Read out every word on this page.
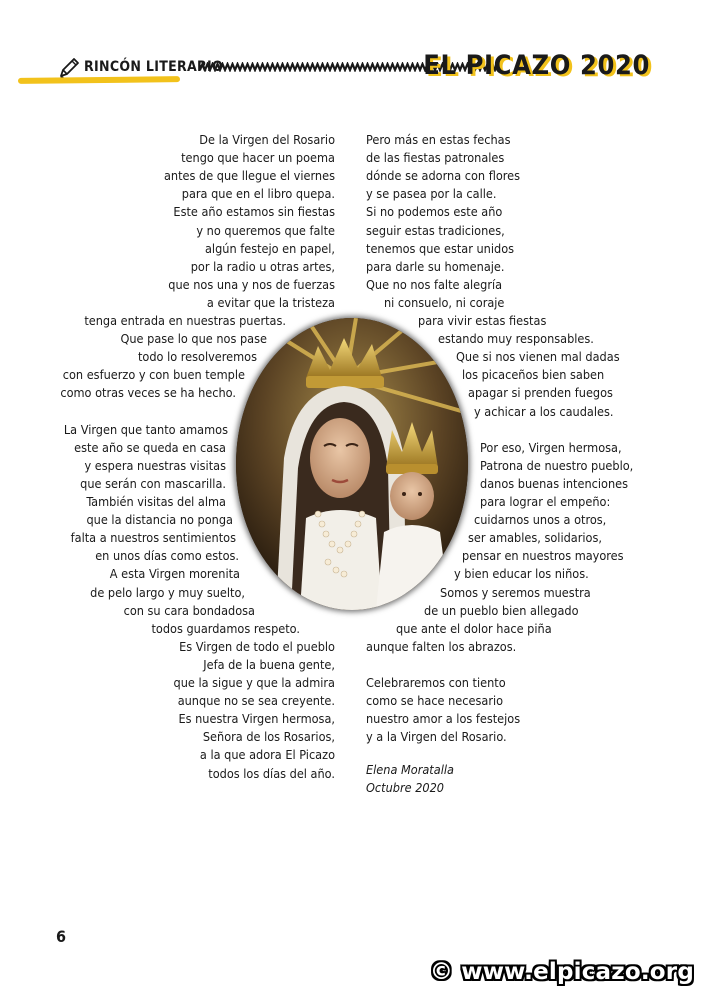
RINCÓN LITERARIO	EL PICAZO 2020
De la Virgen del Rosario
tengo que hacer un poema
antes de que llegue el viernes
para que en el libro quepa.
Este año estamos sin fiestas
y no queremos que falte
algún festejo en papel,
por la radio u otras artes,
que nos una y nos de fuerzas
a evitar que la tristeza
tenga entrada en nuestras puertas.
Que pase lo que nos pase
todo lo resolveremos
con esfuerzo y con buen temple
como otras veces se ha hecho.
La Virgen que tanto amamos
este año se queda en casa
y espera nuestras visitas
que serán con mascarilla.
También visitas del alma
que la distancia no ponga
falta a nuestros sentimientos
en unos días como estos.
A esta Virgen morenita
de pelo largo y muy suelto,
con su cara bondadosa
todos guardamos respeto.
Es Virgen de todo el pueblo
Jefa de la buena gente,
que la sigue y que la admira
aunque no se sea creyente.
Es nuestra Virgen hermosa,
Señora de los Rosarios,
a la que adora El Picazo
todos los días del año.
Pero más en estas fechas
de las fiestas patronales
dónde se adorna con flores
y se pasea por la calle.
Si no podemos este año
seguir estas tradiciones,
tenemos que estar unidos
para darle su homenaje.
Que no nos falte alegría
ni consuelo, ni coraje
para vivir estas fiestas
estando muy responsables.
Que si nos vienen mal dadas
los picaceños bien saben
apagar si prenden fuegos
y achicar a los caudales.
Por eso, Virgen hermosa,
Patrona de nuestro pueblo,
danos buenas intenciones
para lograr el empeño:
cuidarnos unos a otros,
ser amables, solidarios,
pensar en nuestros mayores
y bien educar los niños.
Somos y seremos muestra
de un pueblo bien allegado
que ante el dolor hace piña
aunque falten los abrazos.
Celebraremos con tiento
como se hace necesario
nuestro amor a los festejos
y a la Virgen del Rosario.
Elena Moratalla
Octubre 2020
6
© www.elpicazo.org
